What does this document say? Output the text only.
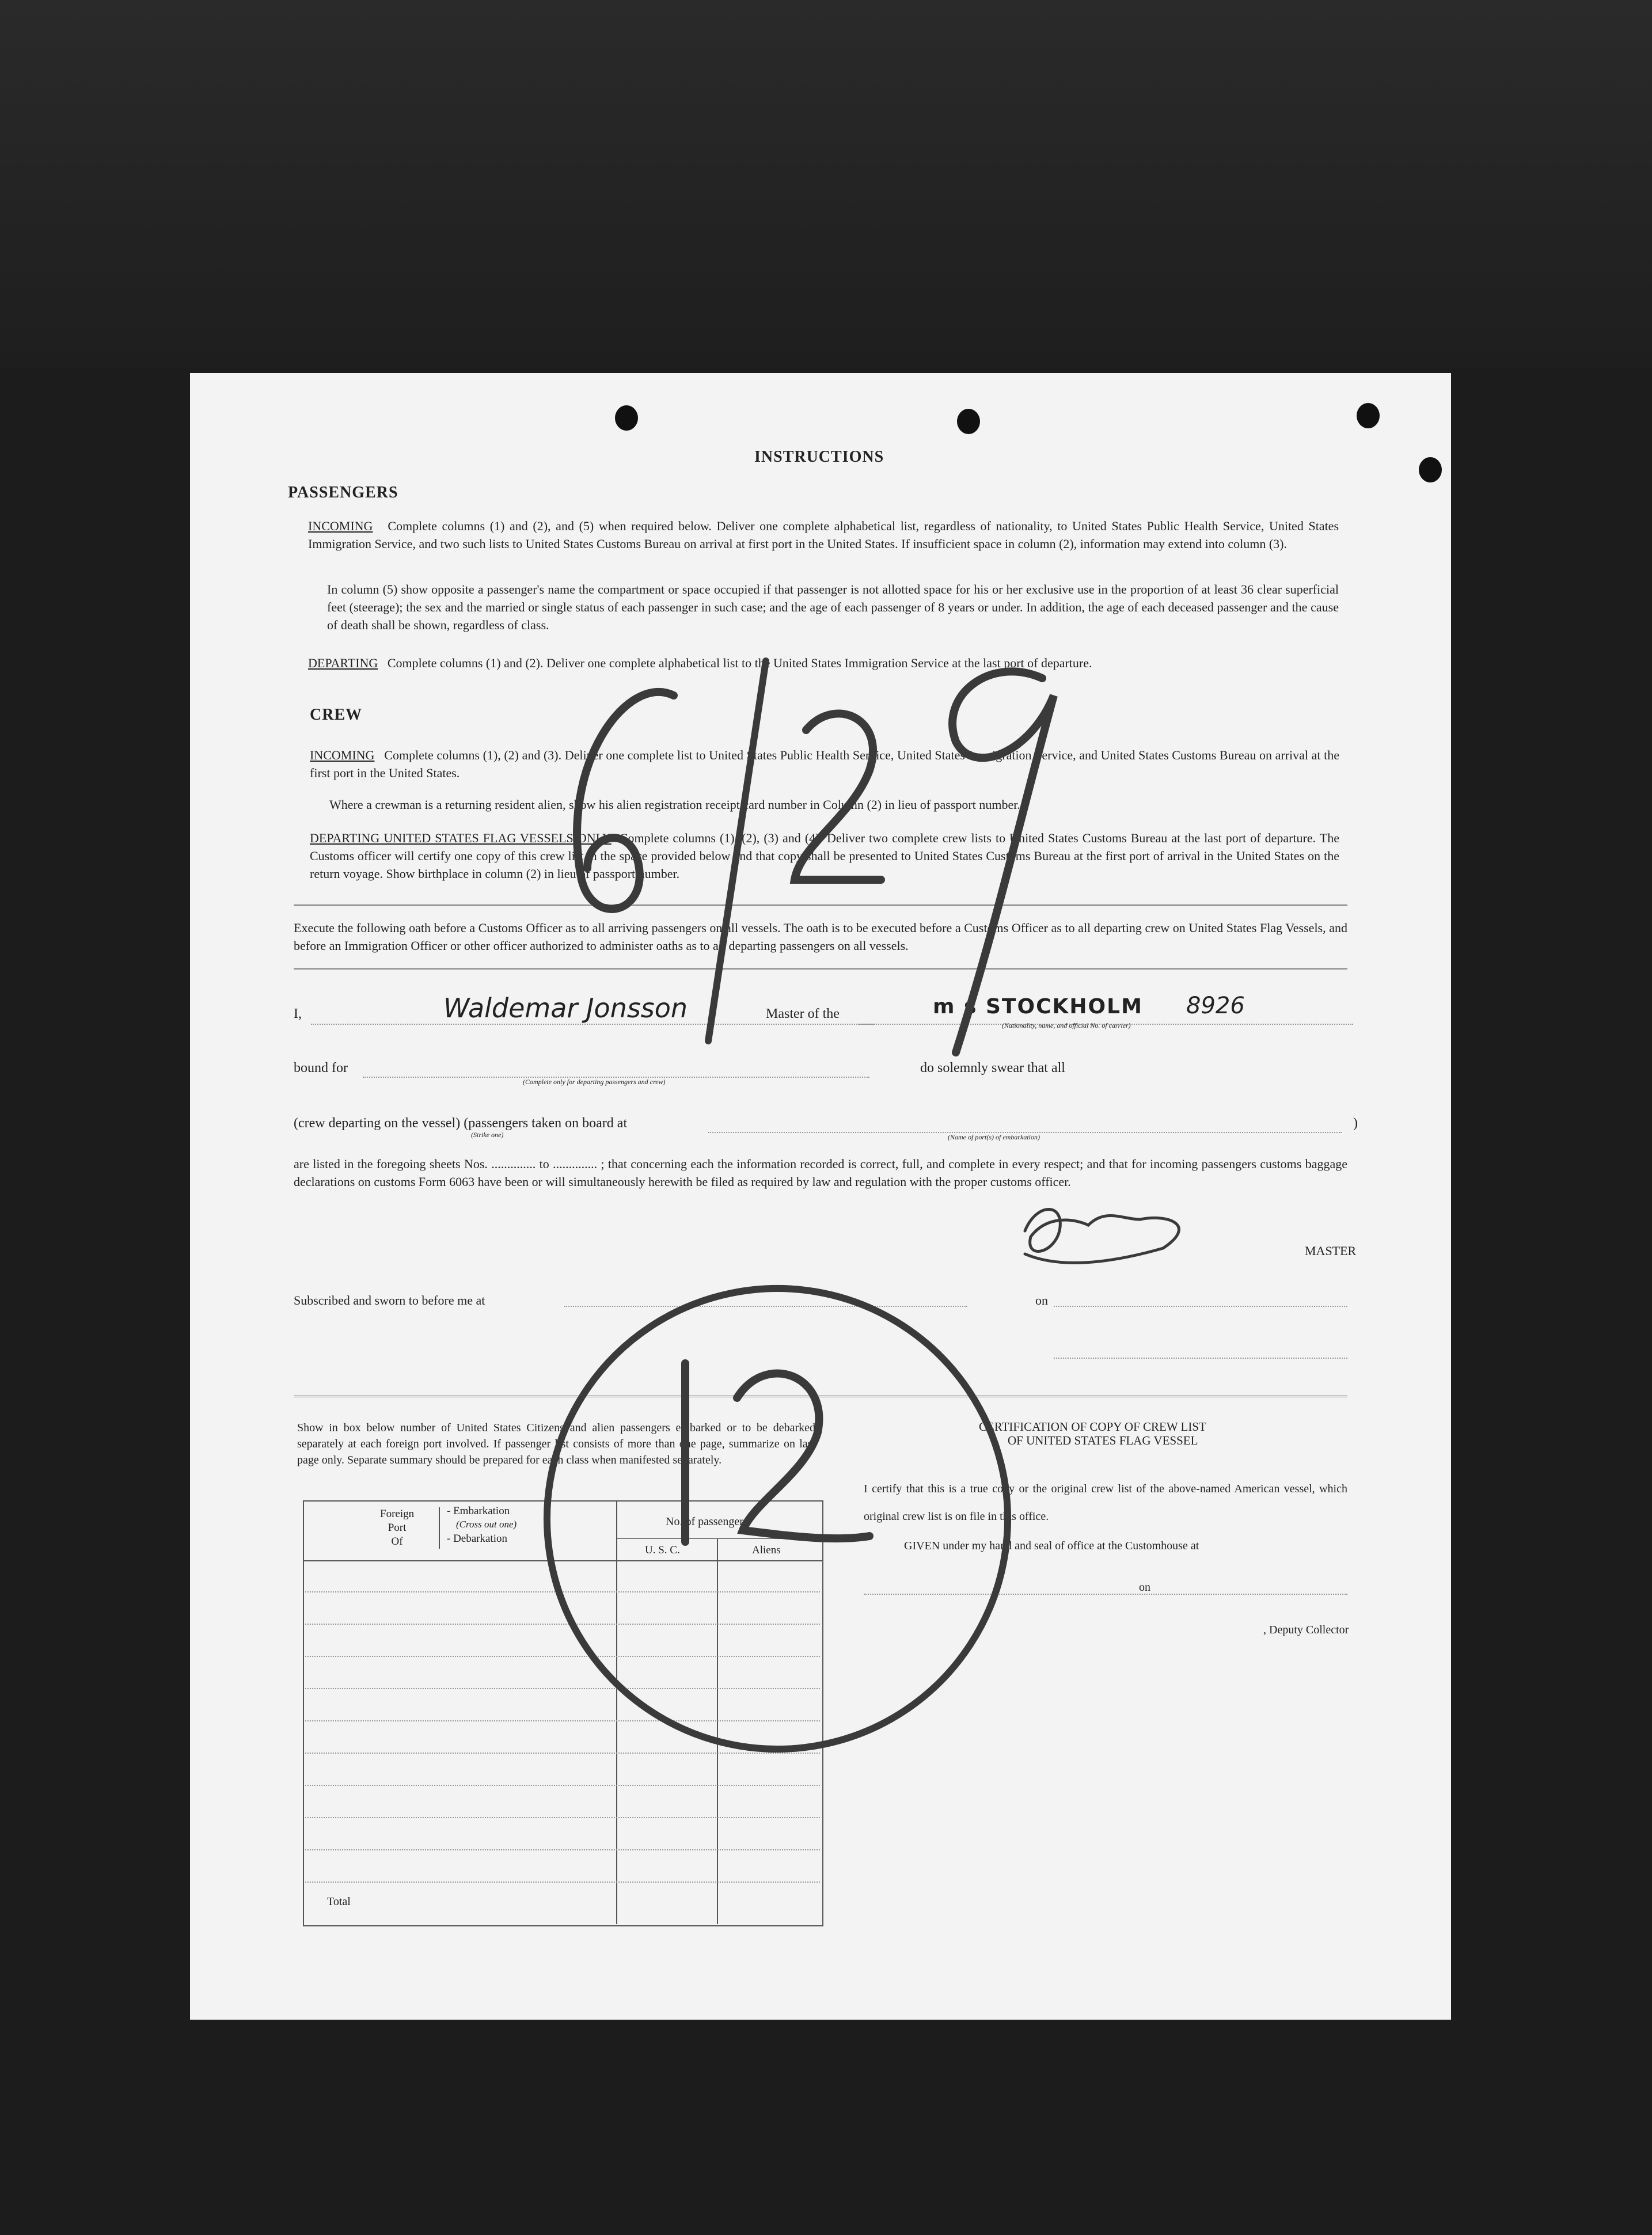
INSTRUCTIONS
PASSENGERS
INCOMING Complete columns (1) and (2), and (5) when required below. Deliver one complete alphabetical list, regardless of nationality, to United States Public Health Service, United States Immigration Service, and two such lists to United States Customs Bureau on arrival at first port in the United States. If insufficient space in column (2), information may extend into column (3).
In column (5) show opposite a passenger's name the compartment or space occupied if that passenger is not allotted space for his or her exclusive use in the proportion of at least 36 clear superficial feet (steerage); the sex and the married or single status of each passenger in such case; and the age of each passenger of 8 years or under. In addition, the age of each deceased passenger and the cause of death shall be shown, regardless of class.
DEPARTING Complete columns (1) and (2). Deliver one complete alphabetical list to the United States Immigration Service at the last port of departure.
CREW
INCOMING Complete columns (1), (2) and (3). Deliver one complete list to United States Public Health Service, United States Immigration Service, and United States Customs Bureau on arrival at the first port in the United States.
Where a crewman is a returning resident alien, show his alien registration receipt card number in Column (2) in lieu of passport number.
DEPARTING UNITED STATES FLAG VESSELS ONLY Complete columns (1), (2), (3) and (4). Deliver two complete crew lists to United States Customs Bureau at the last port of departure. The Customs officer will certify one copy of this crew list in the space provided below and that copy shall be presented to United States Customs Bureau at the first port of arrival in the United States on the return voyage. Show birthplace in column (2) in lieu of passport number.
Execute the following oath before a Customs Officer as to all arriving passengers on all vessels. The oath is to be executed before a Customs Officer as to all departing crew on United States Flag Vessels, and before an Immigration Officer or other officer authorized to administer oaths as to all departing passengers on all vessels.
I,	Waldemar Jonsson	Master of the	m s STOCKHOLM 8926
(Nationality, name, and official No. of carrier)
bound for
(Complete only for departing passengers and crew)
do solemnly swear that all
(crew departing on the vessel) (passengers taken on board at	)
(Strike one)	(Name of port(s) of embarkation)
are listed in the foregoing sheets Nos. .............. to .............. ; that concerning each the information recorded is correct, full, and complete in every respect; and that for incoming passengers customs baggage declarations on customs Form 6063 have been or will simultaneously herewith be filed as required by law and regulation with the proper customs officer.
MASTER
Subscribed and sworn to before me at	on
Show in box below number of United States Citizens and alien passengers embarked or to be debarked separately at each foreign port involved. If passenger list consists of more than one page, summarize on last page only. Separate summary should be prepared for each class when manifested separately.
Foreign
Port
Of
- Embarkation
(Cross out one)
- Debarkation
No. of passengers
U. S. C.	Aliens
Total
CERTIFICATION OF COPY OF CREW LIST
OF UNITED STATES FLAG VESSEL
I certify that this is a true copy or the original crew list of the above-named American vessel, which original crew list is on file in this office.
GIVEN under my hand and seal of office at the Customhouse at
on
, Deputy Collector
